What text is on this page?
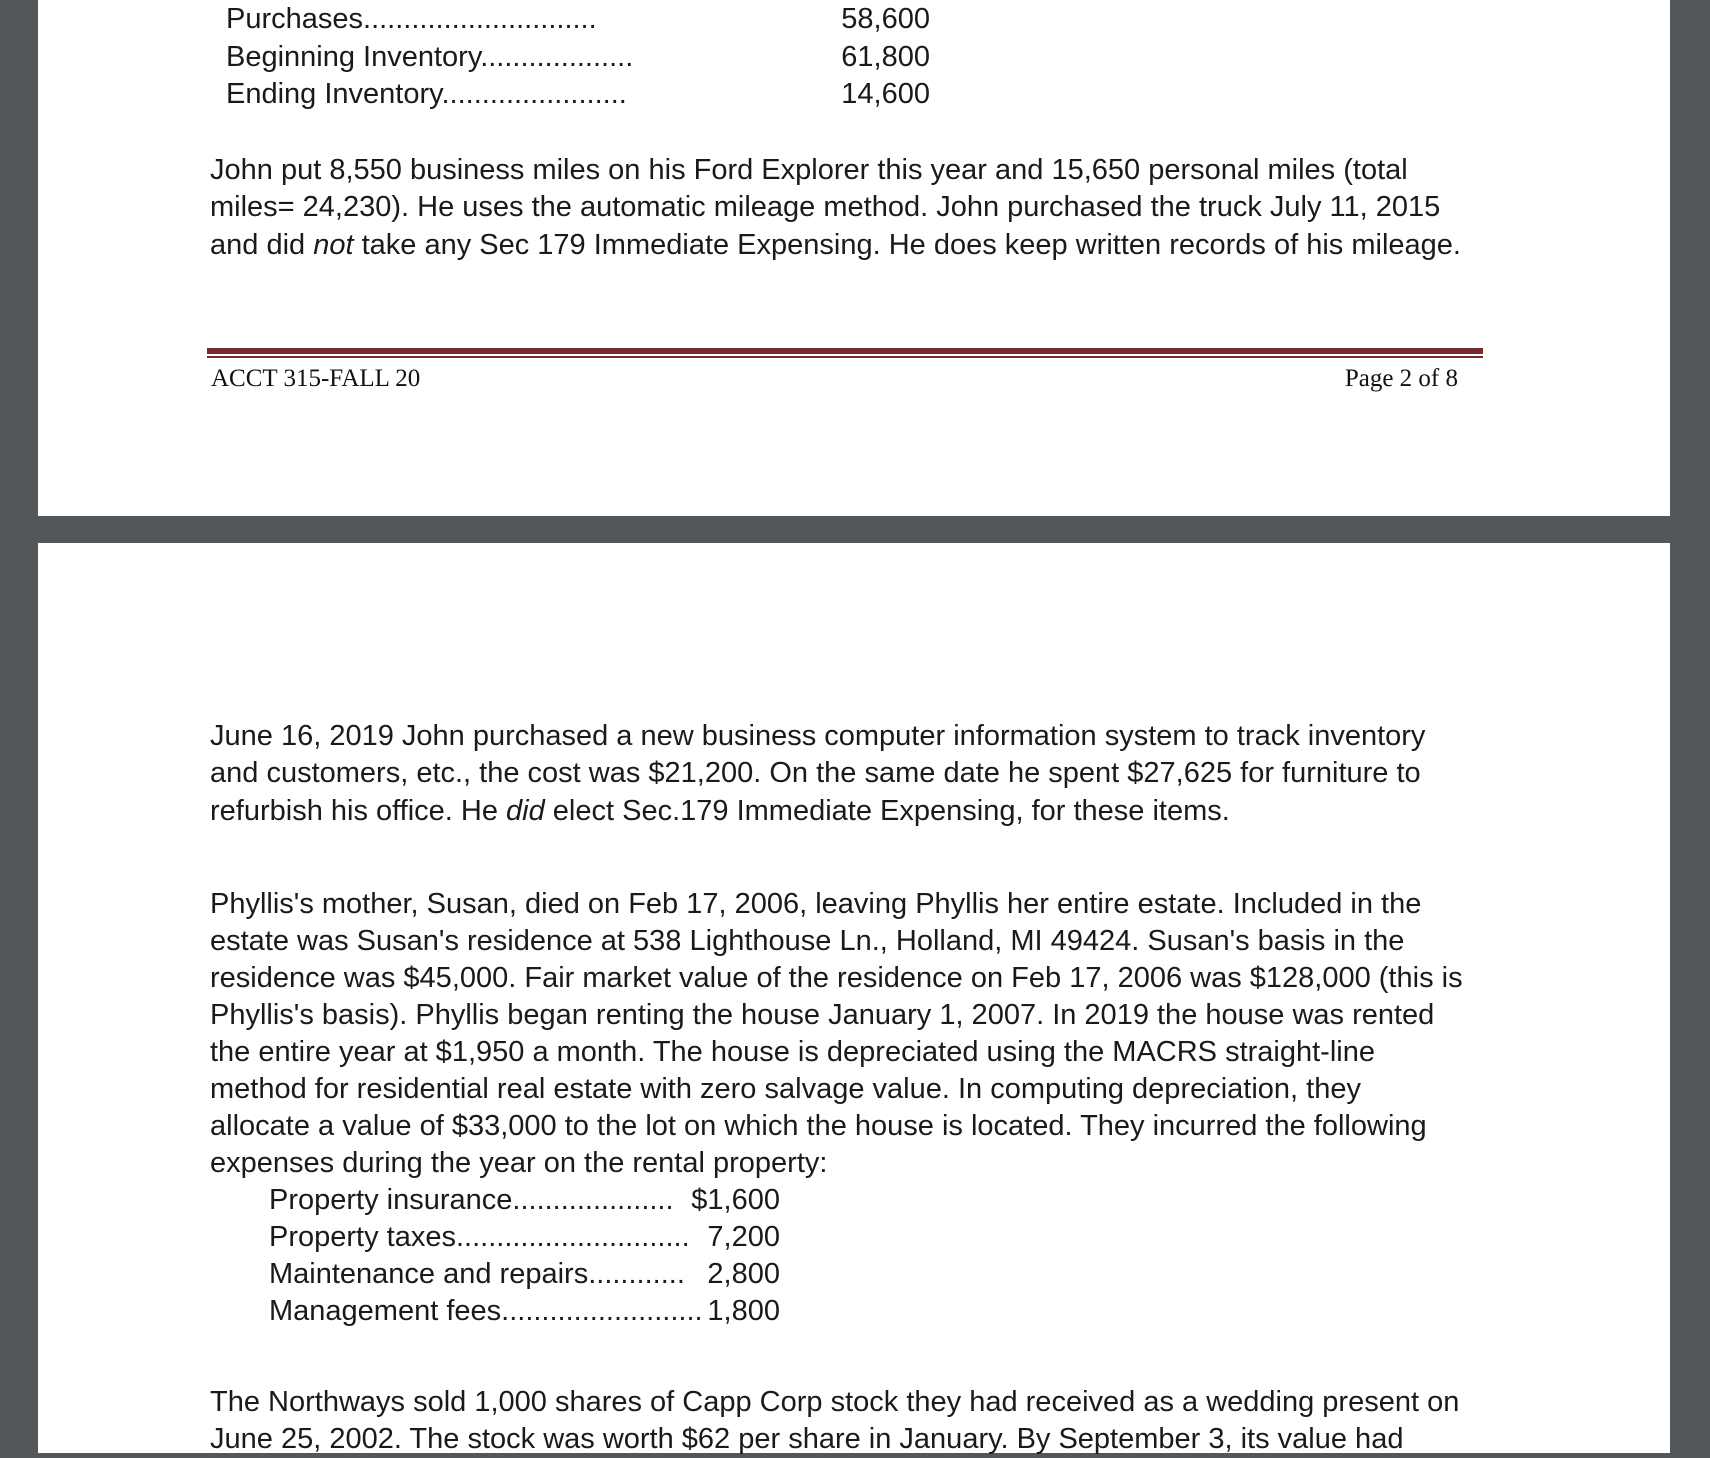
Purchases.............................	58,600
Beginning Inventory...................	61,800
Ending Inventory.......................	14,600
John put 8,550 business miles on his Ford Explorer this year and 15,650 personal miles (total
miles= 24,230). He uses the automatic mileage method. John purchased the truck July 11, 2015
and did not take any Sec 179 Immediate Expensing. He does keep written records of his mileage.
ACCT 315-FALL 20	Page 2 of 8
June 16, 2019 John purchased a new business computer information system to track inventory
and customers, etc., the cost was $21,200. On the same date he spent $27,625 for furniture to
refurbish his office. He did elect Sec.179 Immediate Expensing, for these items.
Phyllis's mother, Susan, died on Feb 17, 2006, leaving Phyllis her entire estate. Included in the
estate was Susan's residence at 538 Lighthouse Ln., Holland, MI 49424. Susan's basis in the
residence was $45,000. Fair market value of the residence on Feb 17, 2006 was $128,000 (this is
Phyllis's basis). Phyllis began renting the house January 1, 2007. In 2019 the house was rented
the entire year at $1,950 a month. The house is depreciated using the MACRS straight-line
method for residential real estate with zero salvage value. In computing depreciation, they
allocate a value of $33,000 to the lot on which the house is located. They incurred the following
expenses during the year on the rental property:
Property insurance.................... $1,600
Property taxes............................. 7,200
Maintenance and repairs............ 2,800
Management fees......................... 1,800
The Northways sold 1,000 shares of Capp Corp stock they had received as a wedding present on
June 25, 2002. The stock was worth $62 per share in January. By September 3, its value had
